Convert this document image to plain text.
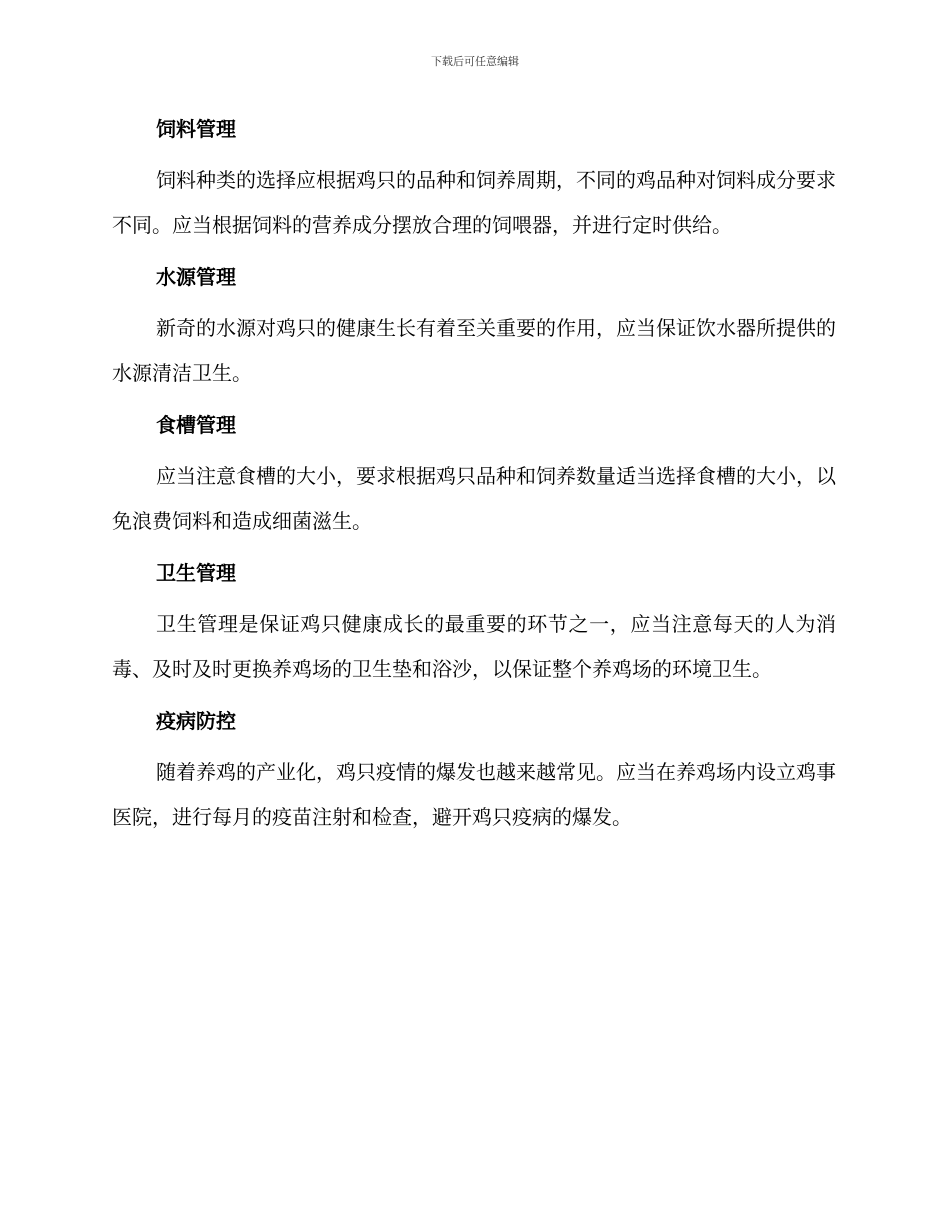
下载后可任意编辑
饲料管理

饲料种类的选择应根据鸡只的品种和饲养周期，不同的鸡品种对饲料成分要求不同。应当根据饲料的营养成分摆放合理的饲喂器，并进行定时供给。

水源管理

新奇的水源对鸡只的健康生长有着至关重要的作用，应当保证饮水器所提供的水源清洁卫生。

食槽管理

应当注意食槽的大小，要求根据鸡只品种和饲养数量适当选择食槽的大小，以免浪费饲料和造成细菌滋生。

卫生管理

卫生管理是保证鸡只健康成长的最重要的环节之一，应当注意每天的人为消毒、及时及时更换养鸡场的卫生垫和浴沙，以保证整个养鸡场的环境卫生。

疫病防控

随着养鸡的产业化，鸡只疫情的爆发也越来越常见。应当在养鸡场内设立鸡事医院，进行每月的疫苗注射和检查，避开鸡只疫病的爆发。
